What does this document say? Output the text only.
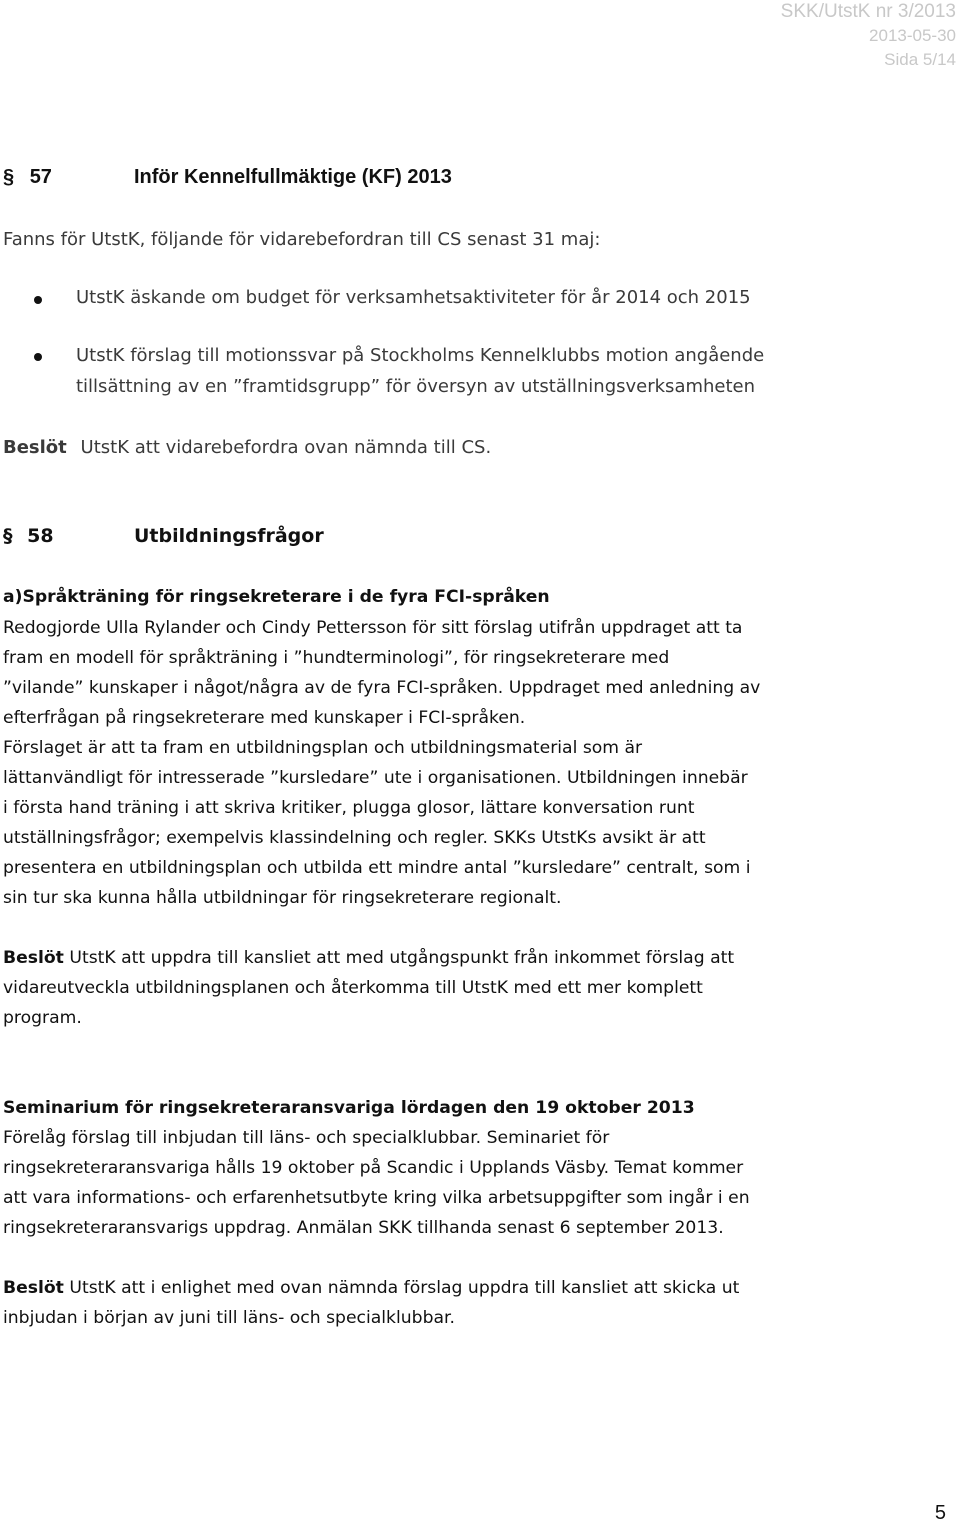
SKK/UtstK nr 3/2013
2013-05-30
Sida 5/14
§ 57	Inför Kennelfullmäktige (KF) 2013
Fanns för UtstK, följande för vidarebefordran till CS senast 31 maj:
UtstK äskande om budget för verksamhetsaktiviteter för år 2014 och 2015
UtstK förslag till motionssvar på Stockholms Kennelklubbs motion angående
tillsättning av en ”framtidsgrupp” för översyn av utställningsverksamheten
Beslöt UtstK att vidarebefordra ovan nämnda till CS.
§ 58	Utbildningsfrågor
a)Språkträning för ringsekreterare i de fyra FCI-språken
Redogjorde Ulla Rylander och Cindy Pettersson för sitt förslag utifrån uppdraget att ta
fram en modell för språkträning i ”hundterminologi”, för ringsekreterare med
”vilande” kunskaper i något/några av de fyra FCI-språken. Uppdraget med anledning av
efterfrågan på ringsekreterare med kunskaper i FCI-språken.
Förslaget är att ta fram en utbildningsplan och utbildningsmaterial som är
lättanvändligt för intresserade ”kursledare” ute i organisationen. Utbildningen innebär
i första hand träning i att skriva kritiker, plugga glosor, lättare konversation runt
utställningsfrågor; exempelvis klassindelning och regler. SKKs UtstKs avsikt är att
presentera en utbildningsplan och utbilda ett mindre antal ”kursledare” centralt, som i
sin tur ska kunna hålla utbildningar för ringsekreterare regionalt.
Beslöt UtstK att uppdra till kansliet att med utgångspunkt från inkommet förslag att
vidareutveckla utbildningsplanen och återkomma till UtstK med ett mer komplett
program.
Seminarium för ringsekreteraransvariga lördagen den 19 oktober 2013
Förelåg förslag till inbjudan till läns- och specialklubbar. Seminariet för
ringsekreteraransvariga hålls 19 oktober på Scandic i Upplands Väsby. Temat kommer
att vara informations- och erfarenhetsutbyte kring vilka arbetsuppgifter som ingår i en
ringsekreteraransvarigs uppdrag. Anmälan SKK tillhanda senast 6 september 2013.
Beslöt UtstK att i enlighet med ovan nämnda förslag uppdra till kansliet att skicka ut
inbjudan i början av juni till läns- och specialklubbar.
5
